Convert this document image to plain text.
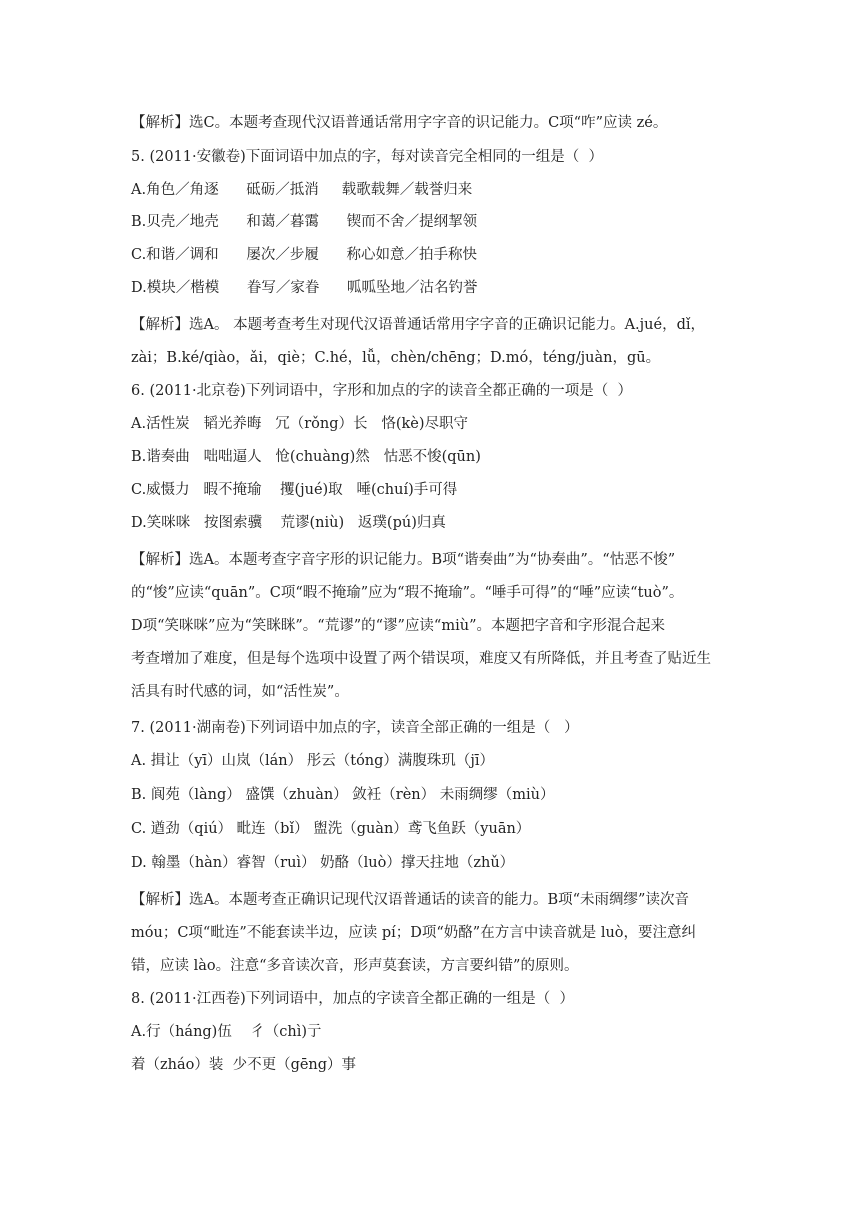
【解析】选C。本题考查现代汉语普通话常用字字音的识记能力。C项“咋”应读 zé。
5. (2011·安徽卷)下面词语中加点的字，每对读音完全相同的一组是（  ）
A.角色／角逐      砥砺／抵消     载歌载舞／载誉归来
B.贝壳／地壳      和蔼／暮霭      锲而不舍／提纲挈领
C.和谐／调和      屡次／步履      称心如意／拍手称快
D.模块／楷模      眷写／家眷      呱呱坠地／沽名钓誉
【解析】选A。 本题考查考生对现代汉语普通话常用字字音的正确识记能力。A.jué，dǐ，
zài；B.ké/qiào，ǎi，qiè；C.hé，lǚ，chèn/chēng；D.mó，téng/juàn，gū。
6. (2011·北京卷)下列词语中，字形和加点的字的读音全都正确的一项是（  ）
A.活性炭   韬光养晦   冗（rǒng）长   恪(kè)尽职守
B.谐奏曲   咄咄逼人   怆(chuàng)然   怙恶不悛(qūn)
C.威慑力   暇不掩瑜    攫(jué)取   唾(chuí)手可得
D.笑咪咪   按图索骥    荒谬(niù)   返璞(pú)归真
【解析】选A。本题考查字音字形的识记能力。B项“谐奏曲”为“协奏曲”。“怙恶不悛”
的“悛”应读“quān”。C项“暇不掩瑜”应为“瑕不掩瑜”。“唾手可得”的“唾”应读“tuò”。
D项“笑咪咪”应为“笑眯眯”。“荒谬”的“谬”应读“miù”。本题把字音和字形混合起来
考查增加了难度，但是每个选项中设置了两个错误项，难度又有所降低，并且考查了贴近生
活具有时代感的词，如“活性炭”。
7. (2011·湖南卷)下列词语中加点的字，读音全部正确的一组是（   ）
A. 揖让（yī）山岚（lán） 彤云（tóng）满腹珠玑（jī）
B. 阆苑（làng） 盛馔（zhuàn） 敛衽（rèn） 未雨绸缪（miù）
C. 遒劲（qiú） 毗连（bǐ） 盥洗（guàn）鸢飞鱼跃（yuān）
D. 翰墨（hàn）睿智（ruì） 奶酪（luò）撑天拄地（zhǔ）
【解析】选A。本题考查正确识记现代汉语普通话的读音的能力。B项“未雨绸缪”读次音
móu；C项“毗连”不能套读半边，应读 pí；D项“奶酪”在方言中读音就是 luò，要注意纠
错，应读 lào。注意“多音读次音，形声莫套读，方言要纠错”的原则。
8. (2011·江西卷)下列词语中，加点的字读音全都正确的一组是（  ）
A.行（háng)伍    彳（chì)亍
着（zháo）装  少不更（gēng）事
